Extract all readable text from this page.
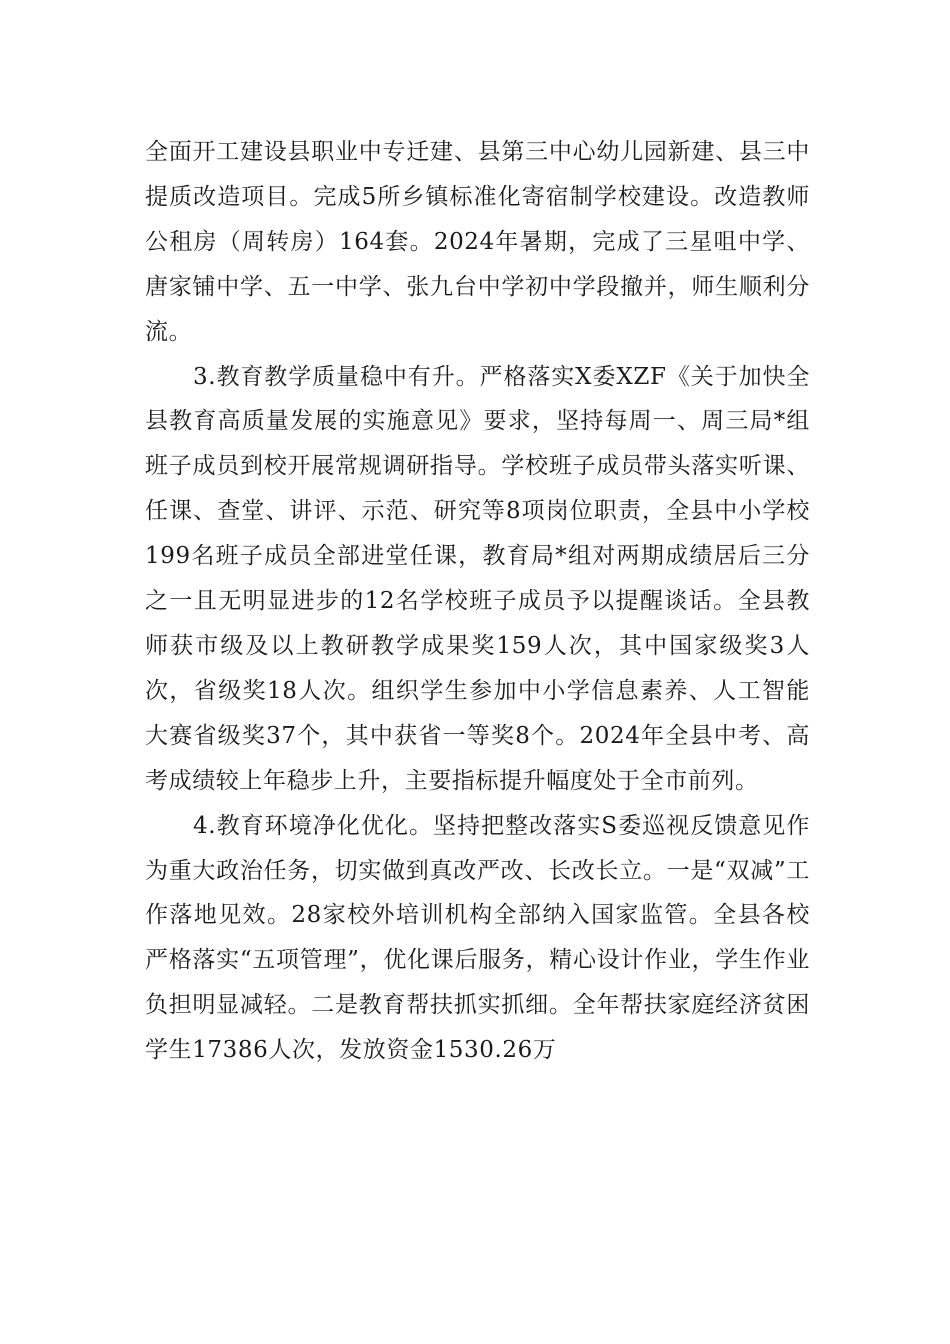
全面开工建设县职业中专迁建、县第三中心幼儿园新建、县三中提质改造项目。完成5所乡镇标准化寄宿制学校建设。改造教师公租房（周转房）164套。2024年暑期，完成了三星咀中学、唐家铺中学、五一中学、张九台中学初中学段撤并，师生顺利分流。

3.教育教学质量稳中有升。严格落实X委XZF《关于加快全县教育高质量发展的实施意见》要求，坚持每周一、周三局*组班子成员到校开展常规调研指导。学校班子成员带头落实听课、任课、查堂、讲评、示范、研究等8项岗位职责，全县中小学校199名班子成员全部进堂任课，教育局*组对两期成绩居后三分之一且无明显进步的12名学校班子成员予以提醒谈话。全县教师获市级及以上教研教学成果奖159人次，其中国家级奖3人次，省级奖18人次。组织学生参加中小学信息素养、人工智能大赛省级奖37个，其中获省一等奖8个。2024年全县中考、高考成绩较上年稳步上升，主要指标提升幅度处于全市前列。

4.教育环境净化优化。坚持把整改落实S委巡视反馈意见作为重大政治任务，切实做到真改严改、长改长立。一是“双减”工作落地见效。28家校外培训机构全部纳入国家监管。全县各校严格落实“五项管理”，优化课后服务，精心设计作业，学生作业负担明显减轻。二是教育帮扶抓实抓细。全年帮扶家庭经济贫困学生17386人次，发放资金1530.26万
